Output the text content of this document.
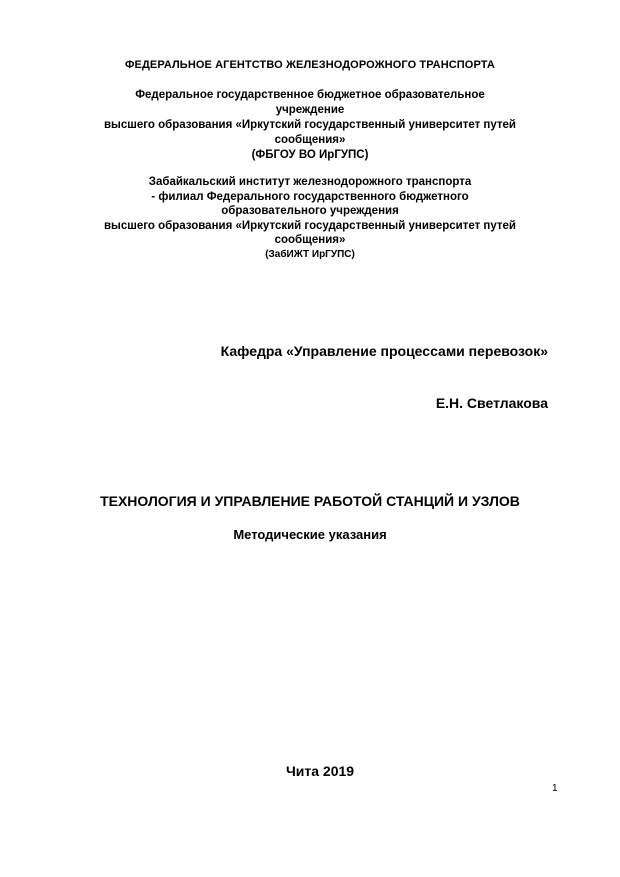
ФЕДЕРАЛЬНОЕ АГЕНТСТВО ЖЕЛЕЗНОДОРОЖНОГО ТРАНСПОРТА
Федеральное государственное бюджетное образовательное
учреждение
высшего образования «Иркутский государственный университет путей
сообщения»
(ФБГОУ ВО ИрГУПС)
Забайкальский институт железнодорожного транспорта
- филиал Федерального государственного бюджетного
образовательного учреждения
высшего образования «Иркутский государственный университет путей
сообщения»
(ЗабИЖТ ИрГУПС)
Кафедра «Управление процессами перевозок»
Е.Н. Светлакова
ТЕХНОЛОГИЯ И УПРАВЛЕНИЕ РАБОТОЙ СТАНЦИЙ И УЗЛОВ
Методические указания
Чита 2019
1
